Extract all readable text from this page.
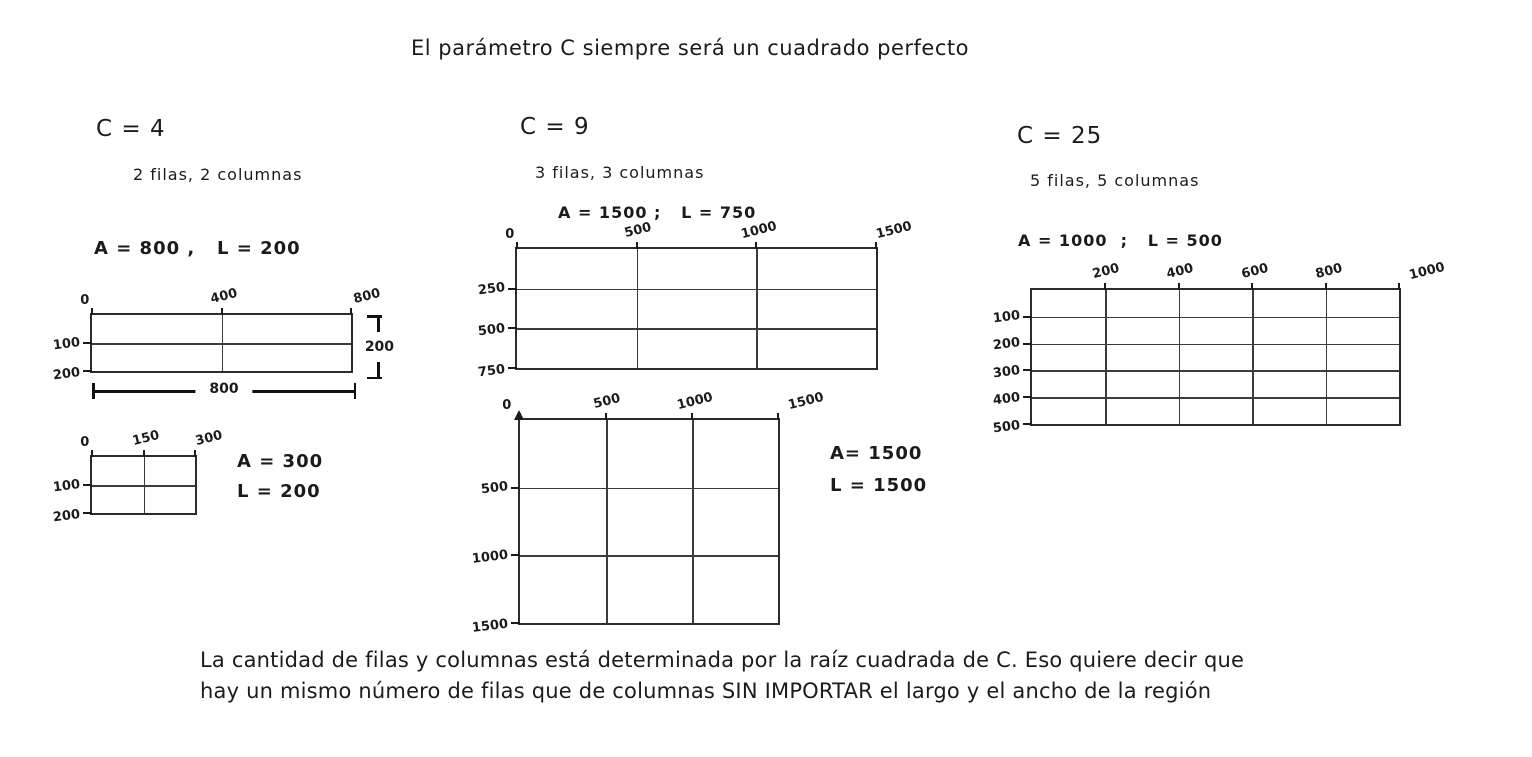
El parámetro C siempre será un cuadrado perfecto
C = 4
2 filas, 2 columnas
A = 800 ,   L = 200
A = 300
L = 200
C = 9
3 filas, 3 columnas
A = 1500 ;   L = 750
A= 1500
L = 1500
C = 25
5 filas, 5 columnas
A = 1000  ;   L = 500
0	400	800
100
200
0	150	300
100
200
0	500	1000	1500
250
500
750
0	500	1000	1500
500
1000
1500
200	400	600	800	1000
100
200
300
400
500
200
800
La cantidad de filas y columnas está determinada por la raíz cuadrada de C. Eso quiere decir que
hay un mismo número de filas que de columnas SIN IMPORTAR el largo y el ancho de la región
